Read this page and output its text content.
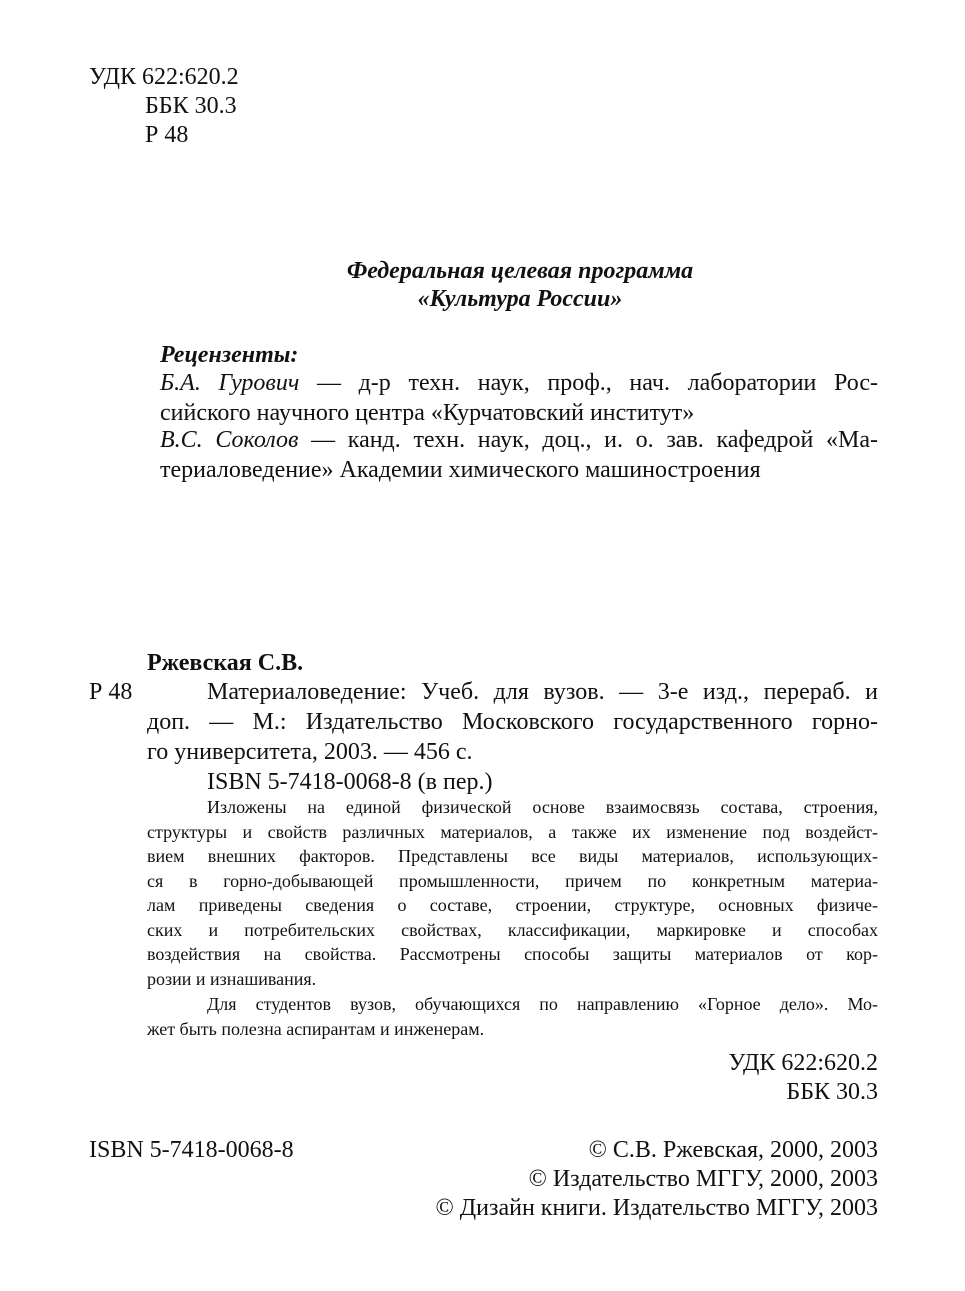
УДК 622:620.2
ББК 30.3
Р 48
Федеральная целевая программа
«Культура России»
Рецензенты:
Б.А. Гурович — д-р техн. наук, проф., нач. лаборатории Рос-
сийского научного центра «Курчатовский институт»
В.С. Соколов — канд. техн. наук, доц., и. о. зав. кафедрой «Ма-
териаловедение» Академии химического машиностроения
Ржевская С.В.
Р 48	Материаловедение: Учеб. для вузов. — 3-е изд., перераб. и
доп. — М.: Издательство Московского государственного горно-
го университета, 2003. — 456 с.
ISBN 5-7418-0068-8 (в пер.)
Изложены на единой физической основе взаимосвязь состава, строения,
структуры и свойств различных материалов, а также их изменение под воздейст-
вием внешних факторов. Представлены все виды материалов, использующих-
ся в горно-добывающей промышленности, причем по конкретным материа-
лам приведены сведения о составе, строении, структуре, основных физиче-
ских и потребительских свойствах, классификации, маркировке и способах
воздействия на свойства. Рассмотрены способы защиты материалов от кор-
розии и изнашивания.
Для студентов вузов, обучающихся по направлению «Горное дело». Мо-
жет быть полезна аспирантам и инженерам.
УДК 622:620.2
ББК 30.3
ISBN 5-7418-0068-8	© С.В. Ржевская, 2000, 2003
© Издательство МГГУ, 2000, 2003
© Дизайн книги. Издательство МГГУ, 2003
